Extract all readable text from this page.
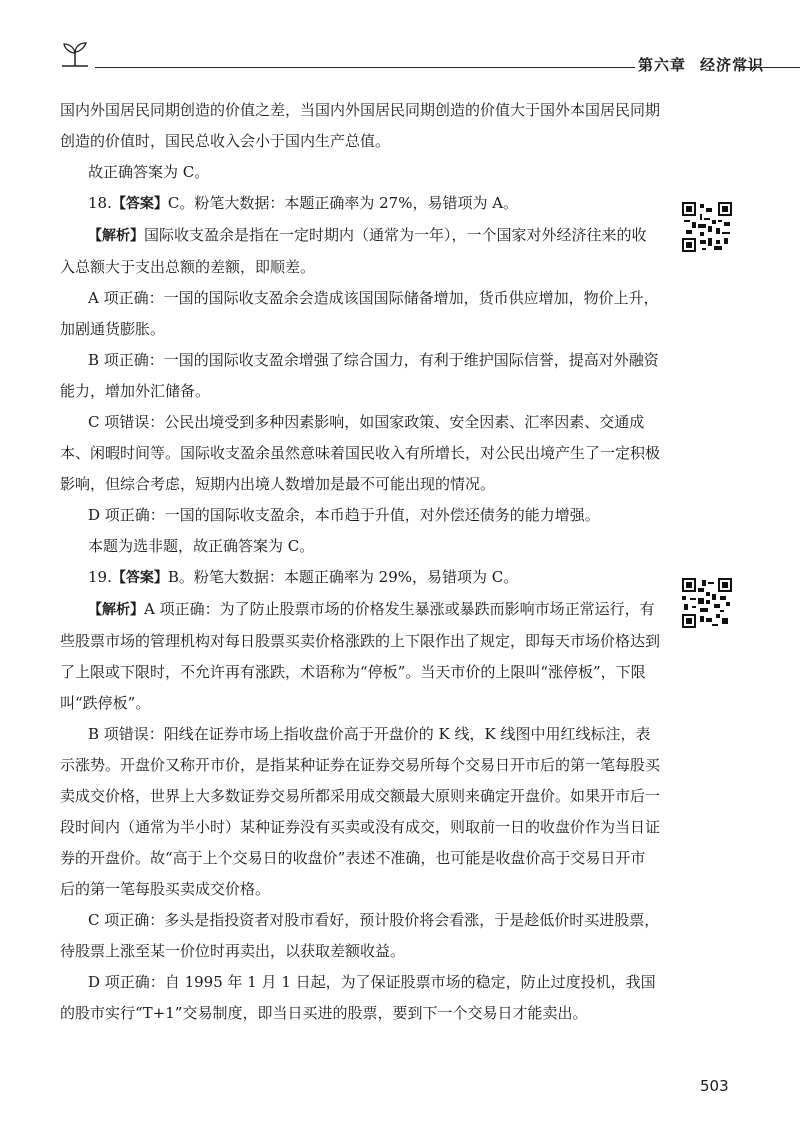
第六章 经济常识

国内外国居民同期创造的价值之差，当国内外国居民同期创造的价值大于国外本国居民同期创造的价值时，国民总收入会小于国内生产总值。

故正确答案为 C。

18.【答案】C。粉笔大数据：本题正确率为 27%，易错项为 A。

【解析】国际收支盈余是指在一定时期内（通常为一年），一个国家对外经济往来的收入总额大于支出总额的差额，即顺差。

A 项正确：一国的国际收支盈余会造成该国国际储备增加，货币供应增加，物价上升，加剧通货膨胀。

B 项正确：一国的国际收支盈余增强了综合国力，有利于维护国际信誉，提高对外融资能力，增加外汇储备。

C 项错误：公民出境受到多种因素影响，如国家政策、安全因素、汇率因素、交通成本、闲暇时间等。国际收支盈余虽然意味着国民收入有所增长，对公民出境产生了一定积极影响，但综合考虑，短期内出境人数增加是最不可能出现的情况。

D 项正确：一国的国际收支盈余，本币趋于升值，对外偿还债务的能力增强。

本题为选非题，故正确答案为 C。

19.【答案】B。粉笔大数据：本题正确率为 29%，易错项为 C。

【解析】A 项正确：为了防止股票市场的价格发生暴涨或暴跌而影响市场正常运行，有些股票市场的管理机构对每日股票买卖价格涨跌的上下限作出了规定，即每天市场价格达到了上限或下限时，不允许再有涨跌，术语称为“停板”。当天市价的上限叫“涨停板”，下限叫“跌停板”。

B 项错误：阳线在证券市场上指收盘价高于开盘价的 K 线，K 线图中用红线标注，表示涨势。开盘价又称开市价，是指某种证券在证券交易所每个交易日开市后的第一笔每股买卖成交价格，世界上大多数证券交易所都采用成交额最大原则来确定开盘价。如果开市后一段时间内（通常为半小时）某种证券没有买卖或没有成交，则取前一日的收盘价作为当日证券的开盘价。故“高于上个交易日的收盘价”表述不准确，也可能是收盘价高于交易日开市后的第一笔每股买卖成交价格。

C 项正确：多头是指投资者对股市看好，预计股价将会看涨，于是趁低价时买进股票，待股票上涨至某一价位时再卖出，以获取差额收益。

D 项正确：自 1995 年 1 月 1 日起，为了保证股票市场的稳定，防止过度投机，我国的股市实行“T+1”交易制度，即当日买进的股票，要到下一个交易日才能卖出。

503
